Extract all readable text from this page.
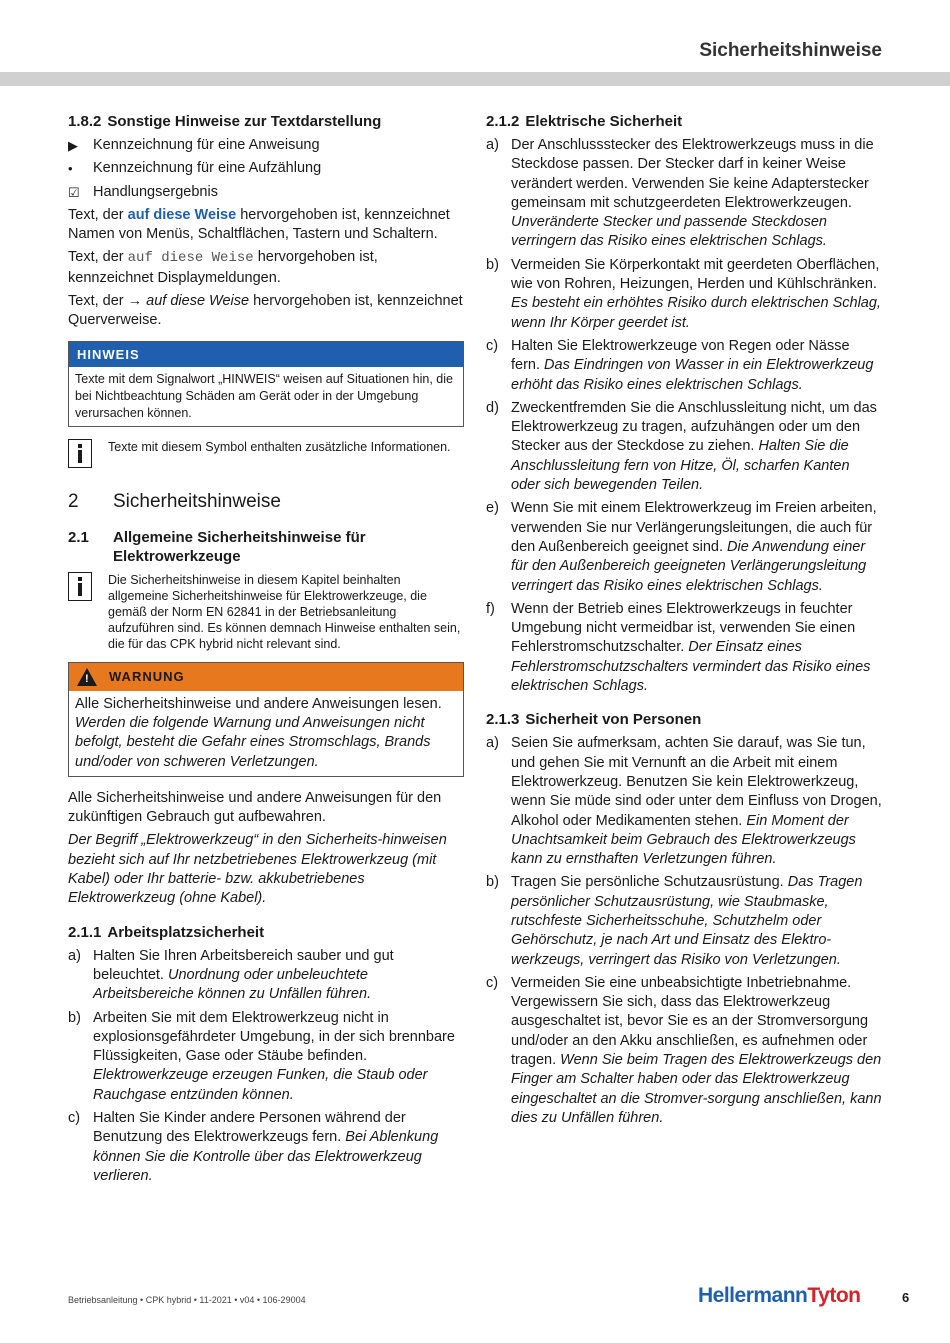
Sicherheitshinweise

1.8.2 Sonstige Hinweise zur Textdarstellung

▶	Kennzeichnung für eine Anweisung
•	Kennzeichnung für eine Aufzählung
☑ Handlungsergebnis

Text, der auf diese Weise hervorgehoben ist, kennzeichnet Namen von Menüs, Schaltflächen, Tastern und Schaltern.

Text, der auf diese Weise hervorgehoben ist, kennzeichnet Displaymeldungen.

Text, der → auf diese Weise hervorgehoben ist, kennzeichnet Querverweise.

HINWEIS
Texte mit dem Signalwort „HINWEIS“ weisen auf Situationen hin, die bei Nichtbeachtung Schäden am Gerät oder in der Umgebung verursachen können.
Texte mit diesem Symbol enthalten zusätzliche Informationen.
2	Sicherheitshinweise
2.1	Allgemeine Sicherheitshinweise für Elektrowerkzeuge
Die Sicherheitshinweise in diesem Kapitel beinhalten allgemeine Sicherheitshinweise für Elektrowerkzeuge, die gemäß der Norm EN 62841 in der Betriebsanleitung aufzuführen sind. Es können demnach Hinweise enthalten sein, die für das CPK hybrid nicht relevant sind.
! WARNUNG
Alle Sicherheitshinweise und andere Anweisungen lesen. Werden die folgende Warnung und Anweisungen nicht befolgt, besteht die Gefahr eines Stromschlags, Brands und/oder von schweren Verletzungen.

Alle Sicherheitshinweise und andere Anweisungen für den zukünftigen Gebrauch gut aufbewahren.

Der Begriff „Elektrowerkzeug“ in den Sicherheits-hinweisen bezieht sich auf Ihr netzbetriebenes Elektrowerkzeug (mit Kabel) oder Ihr batterie- bzw. akkubetriebenes Elektrowerkzeug (ohne Kabel).

2.1.1 Arbeitsplatzsicherheit

a) Halten Sie Ihren Arbeitsbereich sauber und gut beleuchtet. Unordnung oder unbeleuchtete Arbeitsbereiche können zu Unfällen führen.
b) Arbeiten Sie mit dem Elektrowerkzeug nicht in explosionsgefährdeter Umgebung, in der sich brennbare Flüssigkeiten, Gase oder Stäube befinden. Elektrowerkzeuge erzeugen Funken, die Staub oder Rauchgase entzünden können.
c) Halten Sie Kinder andere Personen während der Benutzung des Elektrowerkzeugs fern. Bei Ablenkung können Sie die Kontrolle über das Elektrowerkzeug verlieren.

2.1.2 Elektrische Sicherheit

a) Der Anschlussstecker des Elektrowerkzeugs muss in die Steckdose passen. Der Stecker darf in keiner Weise verändert werden. Verwenden Sie keine Adapterstecker gemeinsam mit schutzgeerdeten Elektrowerkzeugen. Unveränderte Stecker und passende Steckdosen verringern das Risiko eines elektrischen Schlags.
b) Vermeiden Sie Körperkontakt mit geerdeten Oberflächen, wie von Rohren, Heizungen, Herden und Kühlschränken. Es besteht ein erhöhtes Risiko durch elektrischen Schlag, wenn Ihr Körper geerdet ist.
c) Halten Sie Elektrowerkzeuge von Regen oder Nässe fern. Das Eindringen von Wasser in ein Elektrowerkzeug erhöht das Risiko eines elektrischen Schlags.
d) Zweckentfremden Sie die Anschlussleitung nicht, um das Elektrowerkzeug zu tragen, aufzuhängen oder um den Stecker aus der Steckdose zu ziehen. Halten Sie die Anschlussleitung fern von Hitze, Öl, scharfen Kanten oder sich bewegenden Teilen.
e) Wenn Sie mit einem Elektrowerkzeug im Freien arbeiten, verwenden Sie nur Verlängerungsleitungen, die auch für den Außenbereich geeignet sind. Die Anwendung einer für den Außenbereich geeigneten Verlängerungsleitung verringert das Risiko eines elektrischen Schlags.
f)	Wenn der Betrieb eines Elektrowerkzeugs in feuchter Umgebung nicht vermeidbar ist, verwenden Sie einen Fehlerstromschutzschalter. Der Einsatz eines Fehlerstromschutzschalters vermindert das Risiko eines elektrischen Schlags.

2.1.3 Sicherheit von Personen

a) Seien Sie aufmerksam, achten Sie darauf, was Sie tun, und gehen Sie mit Vernunft an die Arbeit mit einem Elektrowerkzeug. Benutzen Sie kein Elektrowerkzeug, wenn Sie müde sind oder unter dem Einfluss von Drogen, Alkohol oder Medikamenten stehen. Ein Moment der Unachtsamkeit beim Gebrauch des Elektrowerkzeugs kann zu ernsthaften Verletzungen führen.
b) Tragen Sie persönliche Schutzausrüstung. Das Tragen persönlicher Schutzausrüstung, wie Staubmaske, rutschfeste Sicherheitsschuhe, Schutzhelm oder Gehörschutz, je nach Art und Einsatz des Elektro-werkzeugs, verringert das Risiko von Verletzungen.
c) Vermeiden Sie eine unbeabsichtigte Inbetriebnahme. Vergewissern Sie sich, dass das Elektrowerkzeug ausgeschaltet ist, bevor Sie es an der Stromversorgung und/oder an den Akku anschließen, es aufnehmen oder tragen. Wenn Sie beim Tragen des Elektrowerkzeugs den Finger am Schalter haben oder das Elektrowerkzeug eingeschaltet an die Stromver-sorgung anschließen, kann dies zu Unfällen führen.
Betriebsanleitung • CPK hybrid • 11-2021 • v04 • 106-29004	HellermannTyton	6
